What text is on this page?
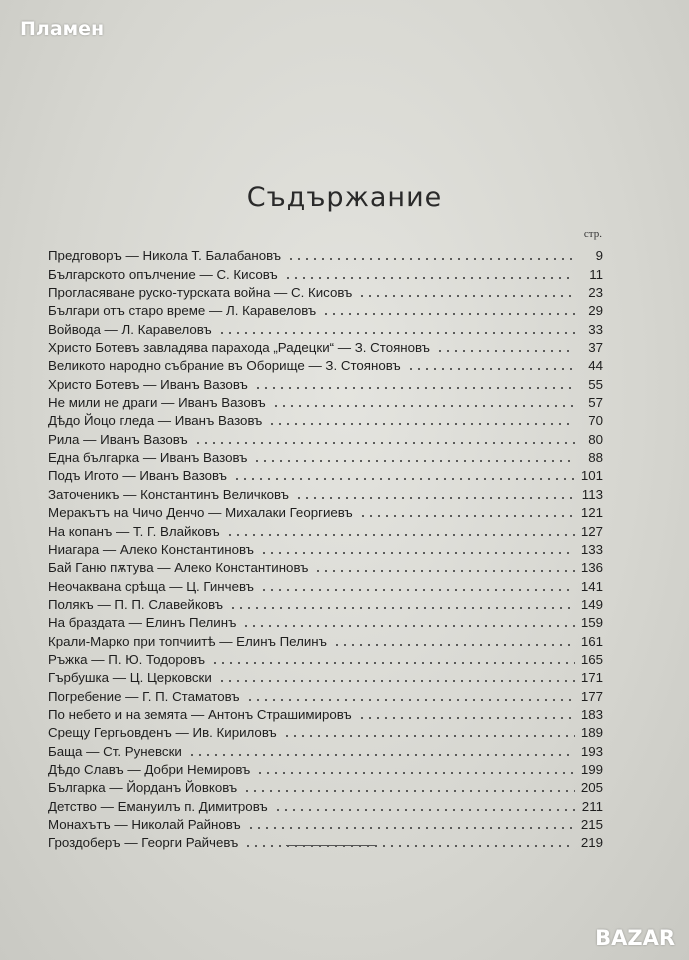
Пламен
Съдържание
стр.
Предговоръ — Никола Т. Балабановъ	9
Българското опълчение — С. Кисовъ	11
Прогласяване руско-турската война — С. Кисовъ	23
Българи отъ старо време — Л. Каравеловъ	29
Войвода — Л. Каравеловъ	33
Христо Ботевъ завладява парахода „Радецки“ — З. Стояновъ	37
Великото народно събрание въ Оборище — З. Стояновъ	44
Христо Ботевъ — Иванъ Вазовъ	55
Не мили не драги — Иванъ Вазовъ	57
Дѣдо Йоцо гледа — Иванъ Вазовъ	70
Рила — Иванъ Вазовъ	80
Една българка — Иванъ Вазовъ	88
Подъ Игото — Иванъ Вазовъ	101
Заточеникъ — Константинъ Величковъ	113
Меракътъ на Чичо Денчо — Михалаки Георгиевъ	121
На копанъ — Т. Г. Влайковъ	127
Ниагара — Алеко Константиновъ	133
Бай Ганю пѫтува — Алеко Константиновъ	136
Неочаквана срѣща — Ц. Гинчевъ	141
Полякъ — П. П. Славейковъ	149
На браздата — Елинъ Пелинъ	159
Крали-Марко при топчиитѣ — Елинъ Пелинъ	161
Ръжка — П. Ю. Тодоровъ	165
Гърбушка — Ц. Церковски	171
Погребение — Г. П. Стаматовъ	177
По небето и на земята — Антонъ Страшимировъ	183
Срещу Гергьовденъ — Ив. Кириловъ	189
Баща — Ст. Руневски	193
Дѣдо Славъ — Добри Немировъ	199
Българка — Йорданъ Йовковъ	205
Детство — Емануилъ п. Димитровъ	211
Монахътъ — Николай Райновъ	215
Гроздоберъ — Георги Райчевъ	219
BAZAR
